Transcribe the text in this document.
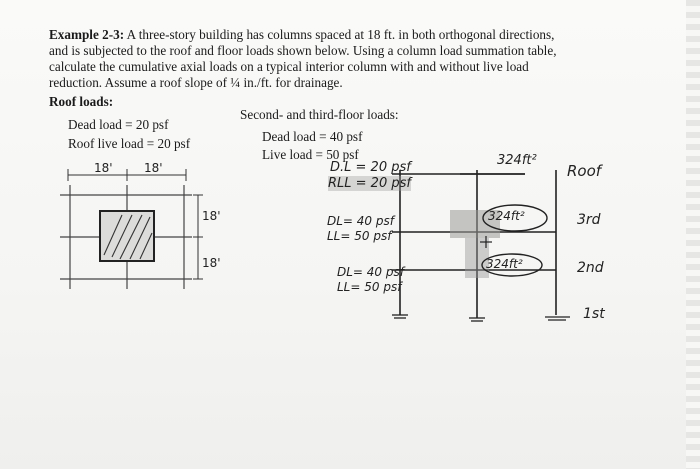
Example 2-3: A three-story building has columns spaced at 18 ft. in both orthogonal directions,
and is subjected to the roof and floor loads shown below. Using a column load summation table,
calculate the cumulative axial loads on a typical interior column with and without live load
reduction. Assume a roof slope of ¼ in./ft. for drainage.
Roof loads:
Dead load = 20 psf
Roof live load = 20 psf
Second- and third-floor loads:
Dead load = 40 psf
Live load = 50 psf
18'	18'
18'
18'
D.L = 20 psf
RLL = 20 psf
DL= 40 psf
LL= 50 psf
DL= 40 psf
LL= 50 psf
324ft²
324ft²
324ft²
Roof
3rd
2nd
1st
